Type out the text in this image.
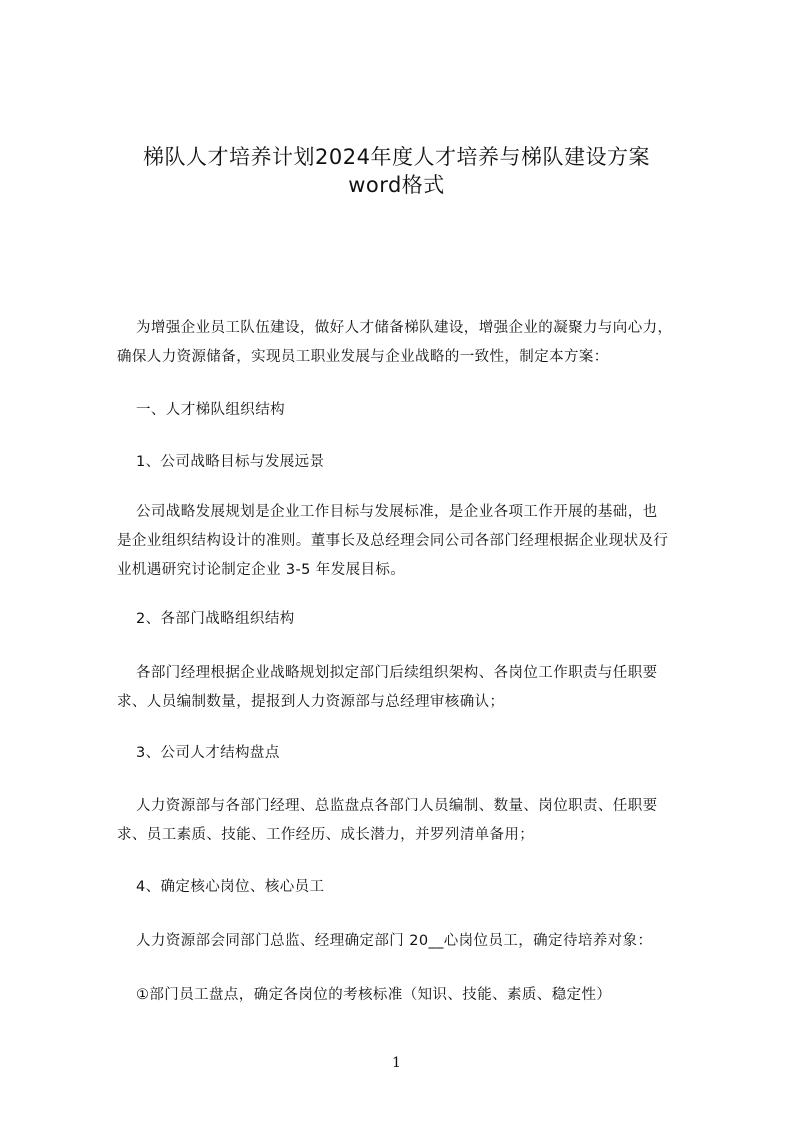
梯队人才培养计划2024年度人才培养与梯队建设方案
word格式
为增强企业员工队伍建设，做好人才储备梯队建设，增强企业的凝聚力与向心力，
确保人力资源储备，实现员工职业发展与企业战略的一致性，制定本方案：
一、人才梯队组织结构
1、公司战略目标与发展远景
公司战略发展规划是企业工作目标与发展标准，是企业各项工作开展的基础，也
是企业组织结构设计的准则。董事长及总经理会同公司各部门经理根据企业现状及行
业机遇研究讨论制定企业 3-5 年发展目标。
2、各部门战略组织结构
各部门经理根据企业战略规划拟定部门后续组织架构、各岗位工作职责与任职要
求、人员编制数量，提报到人力资源部与总经理审核确认；
3、公司人才结构盘点
人力资源部与各部门经理、总监盘点各部门人员编制、数量、岗位职责、任职要
求、员工素质、技能、工作经历、成长潜力，并罗列清单备用；
4、确定核心岗位、核心员工
人力资源部会同部门总监、经理确定部门 20__心岗位员工，确定待培养对象：
①部门员工盘点，确定各岗位的考核标准（知识、技能、素质、稳定性）
1
